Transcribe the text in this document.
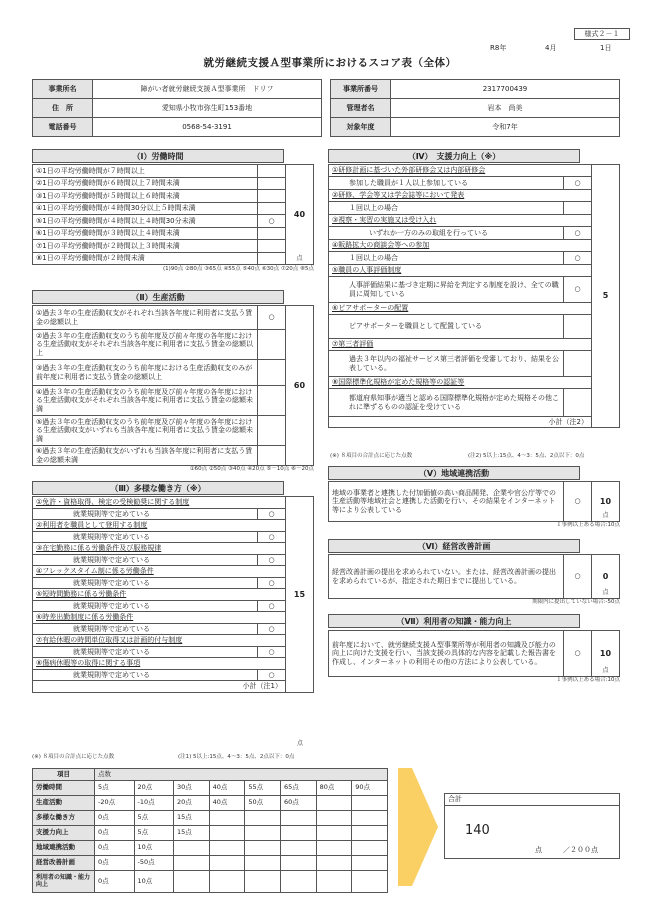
様式２－１
R8年	4月	1日
就労継続支援Ａ型事業所におけるスコア表（全体）
事業所名	障がい者就労継続支援Ａ型事業所　ドリフ
住　所	愛知県小牧市弥生町153番地
電話番号	0568-54-3191
事業所番号	2317700439
管理者名	岩本　尚美
対象年度	令和7年
（Ⅰ）労働時間
①1日の平均労働時間が７時間以上		40
点

②1日の平均労働時間が６時間以上７時間未満		
③1日の平均労働時間が５時間以上６時間未満		
④1日の平均労働時間が４時間30分以上５時間未満		
⑤1日の平均労働時間が４時間以上４時間30分未満	○	
⑥1日の平均労働時間が３時間以上４時間未満		
⑦1日の平均労働時間が２時間以上３時間未満		
⑧1日の平均労働時間が２時間未満		
(1)90点 ②80点 ③65点 ④55点 ⑤40点 ⑥30点 ⑦20点 ⑧5点
（Ⅱ）生産活動
①過去３年の生産活動収支がそれぞれ当該各年度に利用者に支払う賃金の総額以上	○	60
②過去３年の生産活動収支のうち前年度及び前々年度の各年度における生産活動収支がそれぞれ当該各年度に利用者に支払う賃金の総額以上		
③過去３年の生産活動収支のうち前年度における生産活動収支のみが前年度に利用者に支払う賃金の総額以上		
④過去３年の生産活動収支のうち前年度及び前々年度の各年度における生産活動収支がそれぞれ当該各年度に利用者に支払う賃金の総額未満		
⑤過去３年の生産活動収支のうち前年度及び前々年度の各年度における生産活動収支がいずれも当該各年度に利用者に支払う賃金の総額未満		
⑥過去３年の生産活動収支がいずれも当該各年度に利用者に支払う賃金の総額未満		
①60点 ②50点 ③40点 ④20点 ⑤－10点 ⑥－20点
（Ⅲ）多様な働き方（※）
①免許・資格取得、検定の受検勧奨に関する制度		15
就業規則等で定めている	○	
②利用者を職員として登用する制度		
就業規則等で定めている	○	
③在宅勤務に係る労働条件及び服務規律		
就業規則等で定めている	○	
④フレックスタイム制に係る労働条件		
就業規則等で定めている	○	
⑤短時間勤務に係る労働条件		
就業規則等で定めている	○	
⑥時差出勤制度に係る労働条件		
就業規則等で定めている	○	
⑦有給休暇の時間単位取得又は計画的付与制度		
就業規則等で定めている	○	
⑧傷病休暇等の取得に関する事項		
就業規則等で定めている	○	
小計（注1）		
点
(※) ８項目の合計点に応じた点数	(注1) 5以上:15点、4～3：5点、2点以下：0点
（Ⅳ）　支援力向上（※）
①研修計画に基づいた外部研修会又は内部研修会		5
参加した職員が１人以上参加している	○	
②研修、学会等又は学会誌等において発表		
１回以上の場合		
③視察・実習の実施又は受け入れ		
いずれか一方のみの取組を行っている	○	
④販路拡大の商談会等への参加		
１回以上の場合	○	
⑤職員の人事評価制度		
人事評価結果に基づき定期に昇給を判定する制度を設け、全ての職員に周知している	○	
⑥ピアサポーターの配置		
ピアサポーターを職員として配置している		
⑦第三者評価		
過去３年以内の福祉サービス第三者評価を受審しており、結果を公表している。		
⑧国際標準化規格が定めた規格等の認証等		
都道府県知事が適当と認める国際標準化規格が定めた規格その他これに準ずるものの認証を受けている		
小計（注2）		
(※) ８項目の合計点に応じた点数	(注2) 5以上:15点、4～3：5点、2点以下：0点
（Ⅴ）地域連携活動
地域の事業者と連携した付加価値の高い商品開発、企業や官公庁等での生産活動等地域社会と連携した活動を行い、その結果をインターネット等により公表している	○	10
点
１事例以上ある場合:10点
（Ⅵ）経営改善計画
経営改善計画の提出を求められていない。または、経営改善計画の提出を求められているが、指定された期日までに提出している。	○	0
点
期限内に提出していない場合:-50点
（Ⅶ）利用者の知識・能力向上
前年度において、就労継続支援Ａ型事業所等が利用者の知識及び能力の向上に向けた支援を行い、当該支援の具体的な内容を記載した報告書を作成し、インターネットの利用その他の方法により公表している。	○	10
点
１事例以上ある場合:10点
項目	点数							
労働時間	5点	20点	30点	40点	55点	65点	80点	90点
生産活動	-20点	-10点	20点	40点	50点	60点		
多様な働き方	0点	5点	15点					
支援力向上	0点	5点	15点					
地域連携活動	0点	10点						
経営改善計画	0点	-50点						
利用者の知識・能力向上	0点	10点						
合計
140
点	／２００点
